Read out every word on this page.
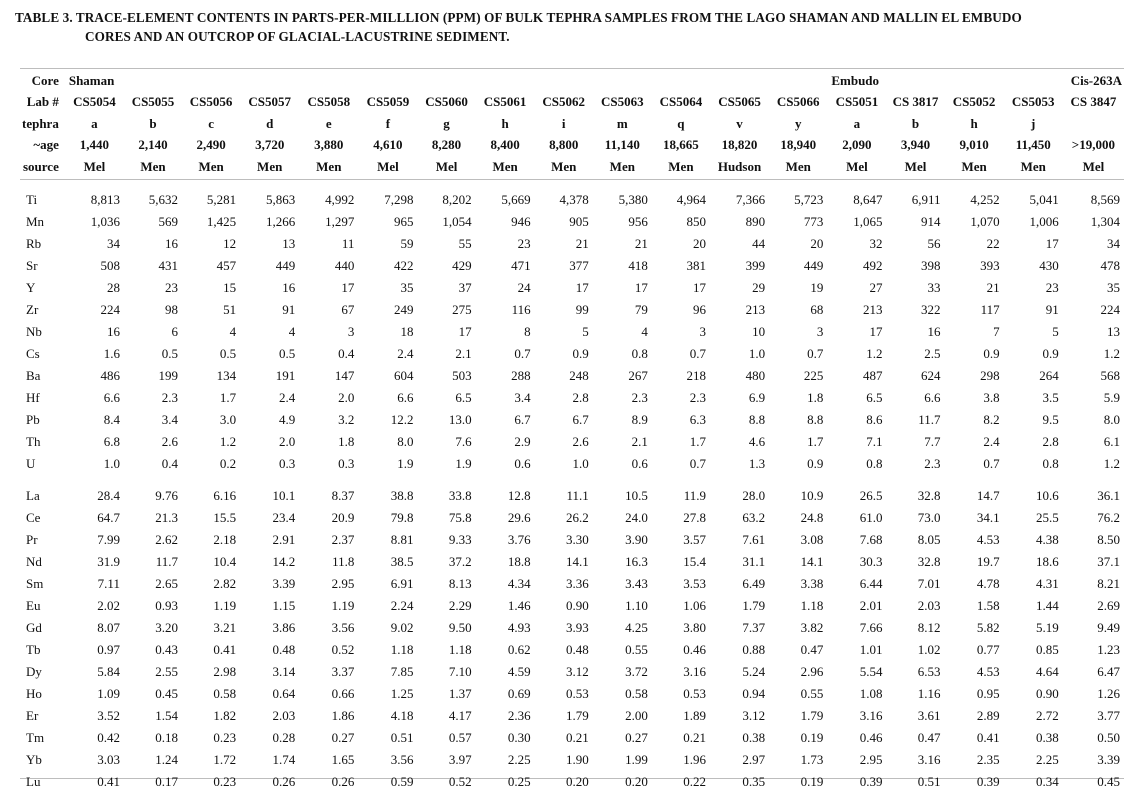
TABLE 3. TRACE-ELEMENT CONTENTS IN PARTS-PER-MILLLION (PPM) OF BULK TEPHRA SAMPLES FROM THE LAGO SHAMAN AND MALLIN EL EMBUDO
CORES AND AN OUTCROP OF GLACIAL-LACUSTRINE SEDIMENT.
Core	Shaman													Embudo				Cis-263A
Lab #	CS5054	CS5055	CS5056	CS5057	CS5058	CS5059	CS5060	CS5061	CS5062	CS5063	CS5064	CS5065	CS5066	CS5051	CS 3817	CS5052	CS5053	CS 3847
tephra	a	b	c	d	e	f	g	h	i	m	q	v	y	a	b	h	j	
~age	1,440	2,140	2,490	3,720	3,880	4,610	8,280	8,400	8,800	11,140	18,665	18,820	18,940	2,090	3,940	9,010	11,450	>19,000
source	Mel	Men	Men	Men	Men	Mel	Mel	Men	Men	Men	Men	Hudson	Men	Mel	Mel	Men	Men	Mel

Ti	8,813	5,632	5,281	5,863	4,992	7,298	8,202	5,669	4,378	5,380	4,964	7,366	5,723	8,647	6,911	4,252	5,041	8,569
Mn	1,036	569	1,425	1,266	1,297	965	1,054	946	905	956	850	890	773	1,065	914	1,070	1,006	1,304
Rb	34	16	12	13	11	59	55	23	21	21	20	44	20	32	56	22	17	34
Sr	508	431	457	449	440	422	429	471	377	418	381	399	449	492	398	393	430	478
Y	28	23	15	16	17	35	37	24	17	17	17	29	19	27	33	21	23	35
Zr	224	98	51	91	67	249	275	116	99	79	96	213	68	213	322	117	91	224
Nb	16	6	4	4	3	18	17	8	5	4	3	10	3	17	16	7	5	13
Cs	1.6	0.5	0.5	0.5	0.4	2.4	2.1	0.7	0.9	0.8	0.7	1.0	0.7	1.2	2.5	0.9	0.9	1.2
Ba	486	199	134	191	147	604	503	288	248	267	218	480	225	487	624	298	264	568
Hf	6.6	2.3	1.7	2.4	2.0	6.6	6.5	3.4	2.8	2.3	2.3	6.9	1.8	6.5	6.6	3.8	3.5	5.9
Pb	8.4	3.4	3.0	4.9	3.2	12.2	13.0	6.7	6.7	8.9	6.3	8.8	8.8	8.6	11.7	8.2	9.5	8.0
Th	6.8	2.6	1.2	2.0	1.8	8.0	7.6	2.9	2.6	2.1	1.7	4.6	1.7	7.1	7.7	2.4	2.8	6.1
U	1.0	0.4	0.2	0.3	0.3	1.9	1.9	0.6	1.0	0.6	0.7	1.3	0.9	0.8	2.3	0.7	0.8	1.2
La	28.4	9.76	6.16	10.1	8.37	38.8	33.8	12.8	11.1	10.5	11.9	28.0	10.9	26.5	32.8	14.7	10.6	36.1
Ce	64.7	21.3	15.5	23.4	20.9	79.8	75.8	29.6	26.2	24.0	27.8	63.2	24.8	61.0	73.0	34.1	25.5	76.2
Pr	7.99	2.62	2.18	2.91	2.37	8.81	9.33	3.76	3.30	3.90	3.57	7.61	3.08	7.68	8.05	4.53	4.38	8.50
Nd	31.9	11.7	10.4	14.2	11.8	38.5	37.2	18.8	14.1	16.3	15.4	31.1	14.1	30.3	32.8	19.7	18.6	37.1
Sm	7.11	2.65	2.82	3.39	2.95	6.91	8.13	4.34	3.36	3.43	3.53	6.49	3.38	6.44	7.01	4.78	4.31	8.21
Eu	2.02	0.93	1.19	1.15	1.19	2.24	2.29	1.46	0.90	1.10	1.06	1.79	1.18	2.01	2.03	1.58	1.44	2.69
Gd	8.07	3.20	3.21	3.86	3.56	9.02	9.50	4.93	3.93	4.25	3.80	7.37	3.82	7.66	8.12	5.82	5.19	9.49
Tb	0.97	0.43	0.41	0.48	0.52	1.18	1.18	0.62	0.48	0.55	0.46	0.88	0.47	1.01	1.02	0.77	0.85	1.23
Dy	5.84	2.55	2.98	3.14	3.37	7.85	7.10	4.59	3.12	3.72	3.16	5.24	2.96	5.54	6.53	4.53	4.64	6.47
Ho	1.09	0.45	0.58	0.64	0.66	1.25	1.37	0.69	0.53	0.58	0.53	0.94	0.55	1.08	1.16	0.95	0.90	1.26
Er	3.52	1.54	1.82	2.03	1.86	4.18	4.17	2.36	1.79	2.00	1.89	3.12	1.79	3.16	3.61	2.89	2.72	3.77
Tm	0.42	0.18	0.23	0.28	0.27	0.51	0.57	0.30	0.21	0.27	0.21	0.38	0.19	0.46	0.47	0.41	0.38	0.50
Yb	3.03	1.24	1.72	1.74	1.65	3.56	3.97	2.25	1.90	1.99	1.96	2.97	1.73	2.95	3.16	2.35	2.25	3.39
Lu	0.41	0.17	0.23	0.26	0.26	0.59	0.52	0.25	0.20	0.20	0.22	0.35	0.19	0.39	0.51	0.39	0.34	0.45
